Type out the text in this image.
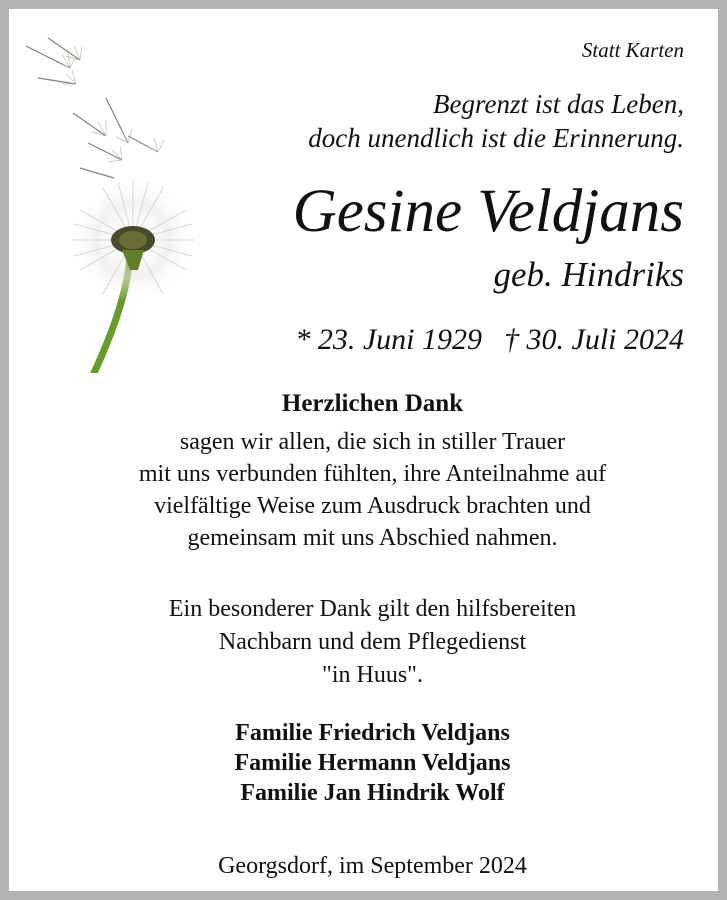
Statt Karten
Begrenzt ist das Leben,
doch unendlich ist die Erinnerung.
Gesine Veldjans
geb. Hindriks
* 23. Juni 1929 † 30. Juli 2024
Herzlichen Dank
sagen wir allen, die sich in stiller Trauer
mit uns verbunden fühlten, ihre Anteilnahme auf
vielfältige Weise zum Ausdruck brachten und
gemeinsam mit uns Abschied nahmen.
Ein besonderer Dank gilt den hilfsbereiten
Nachbarn und dem Pflegedienst
"in Huus".
Familie Friedrich Veldjans
Familie Hermann Veldjans
Familie Jan Hindrik Wolf
Georgsdorf, im September 2024
